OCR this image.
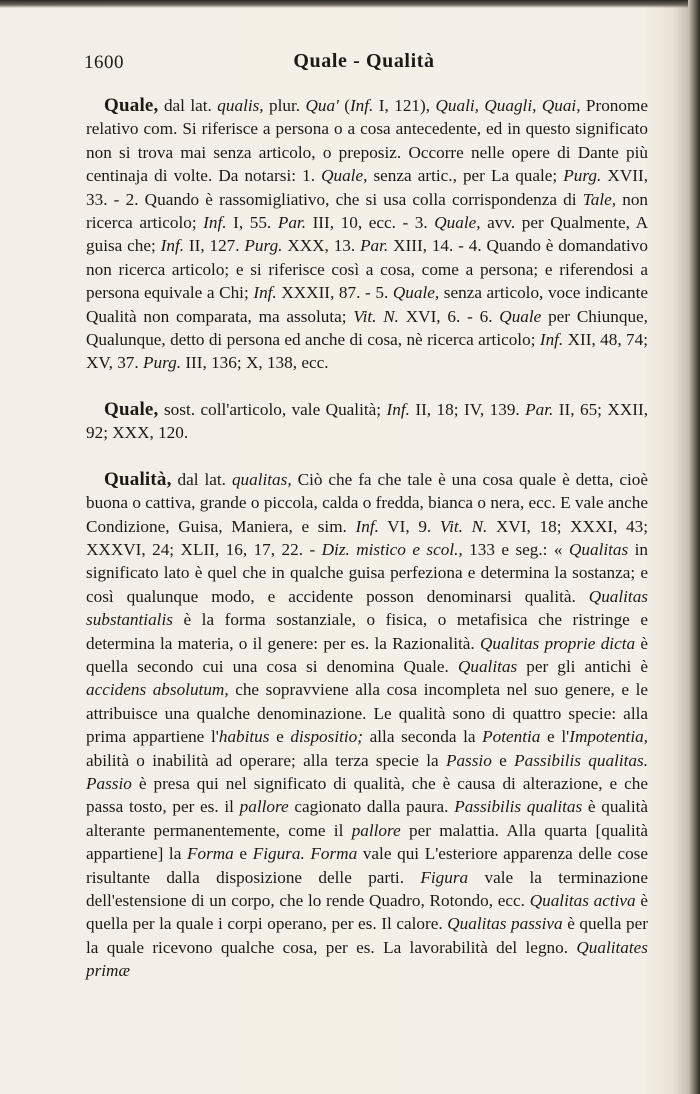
1600	Quale - Qualità

Quale, dal lat. qualis, plur. Qua' (Inf. I, 121), Quali, Quagli, Quai, Pronome relativo com. Si riferisce a persona o a cosa antecedente, ed in questo significato non si trova mai senza articolo, o preposiz. Occorre nelle opere di Dante più centinaja di volte. Da notarsi: 1. Quale, senza artic., per La quale; Purg. XVII, 33. - 2. Quando è rassomigliativo, che si usa colla corrispondenza di Tale, non ricerca articolo; Inf. I, 55. Par. III, 10, ecc. - 3. Quale, avv. per Qualmente, A guisa che; Inf. II, 127. Purg. XXX, 13. Par. XIII, 14. - 4. Quando è domandativo non ricerca articolo; e si riferisce così a cosa, come a persona; e riferendosi a persona equivale a Chi; Inf. XXXII, 87. - 5. Quale, senza articolo, voce indicante Qualità non comparata, ma assoluta; Vit. N. XVI, 6. - 6. Quale per Chiunque, Qualunque, detto di persona ed anche di cosa, nè ricerca articolo; Inf. XII, 48, 74; XV, 37. Purg. III, 136; X, 138, ecc.

Quale, sost. coll'articolo, vale Qualità; Inf. II, 18; IV, 139. Par. II, 65; XXII, 92; XXX, 120.

Qualità, dal lat. qualitas, Ciò che fa che tale è una cosa quale è detta, cioè buona o cattiva, grande o piccola, calda o fredda, bianca o nera, ecc. E vale anche Condizione, Guisa, Maniera, e sim. Inf. VI, 9. Vit. N. XVI, 18; XXXI, 43; XXXVI, 24; XLII, 16, 17, 22. - Diz. mistico e scol., 133 e seg.: « Qualitas in significato lato è quel che in qualche guisa perfeziona e determina la sostanza; e così qualunque modo, e accidente posson denominarsi qualità. Qualitas substantialis è la forma sostanziale, o fisica, o metafisica che ristringe e determina la materia, o il genere: per es. la Razionalità. Qualitas proprie dicta è quella secondo cui una cosa si denomina Quale. Qualitas per gli antichi è accidens absolutum, che sopravviene alla cosa incompleta nel suo genere, e le attribuisce una qualche denominazione. Le qualità sono di quattro specie: alla prima appartiene l'habitus e dispositio; alla seconda la Potentia e l'Impotentia, abilità o inabilità ad operare; alla terza specie la Passio e Passibilis qualitas. Passio è presa qui nel significato di qualità, che è causa di alterazione, e che passa tosto, per es. il pallore cagionato dalla paura. Passibilis qualitas è qualità alterante permanentemente, come il pallore per malattia. Alla quarta [qualità appartiene] la Forma e Figura. Forma vale qui L'esteriore apparenza delle cose risultante dalla disposizione delle parti. Figura vale la terminazione dell'estensione di un corpo, che lo rende Quadro, Rotondo, ecc. Qualitas activa è quella per la quale i corpi operano, per es. Il calore. Qualitas passiva è quella per la quale ricevono qualche cosa, per es. La lavorabilità del legno. Qualitates primæ
